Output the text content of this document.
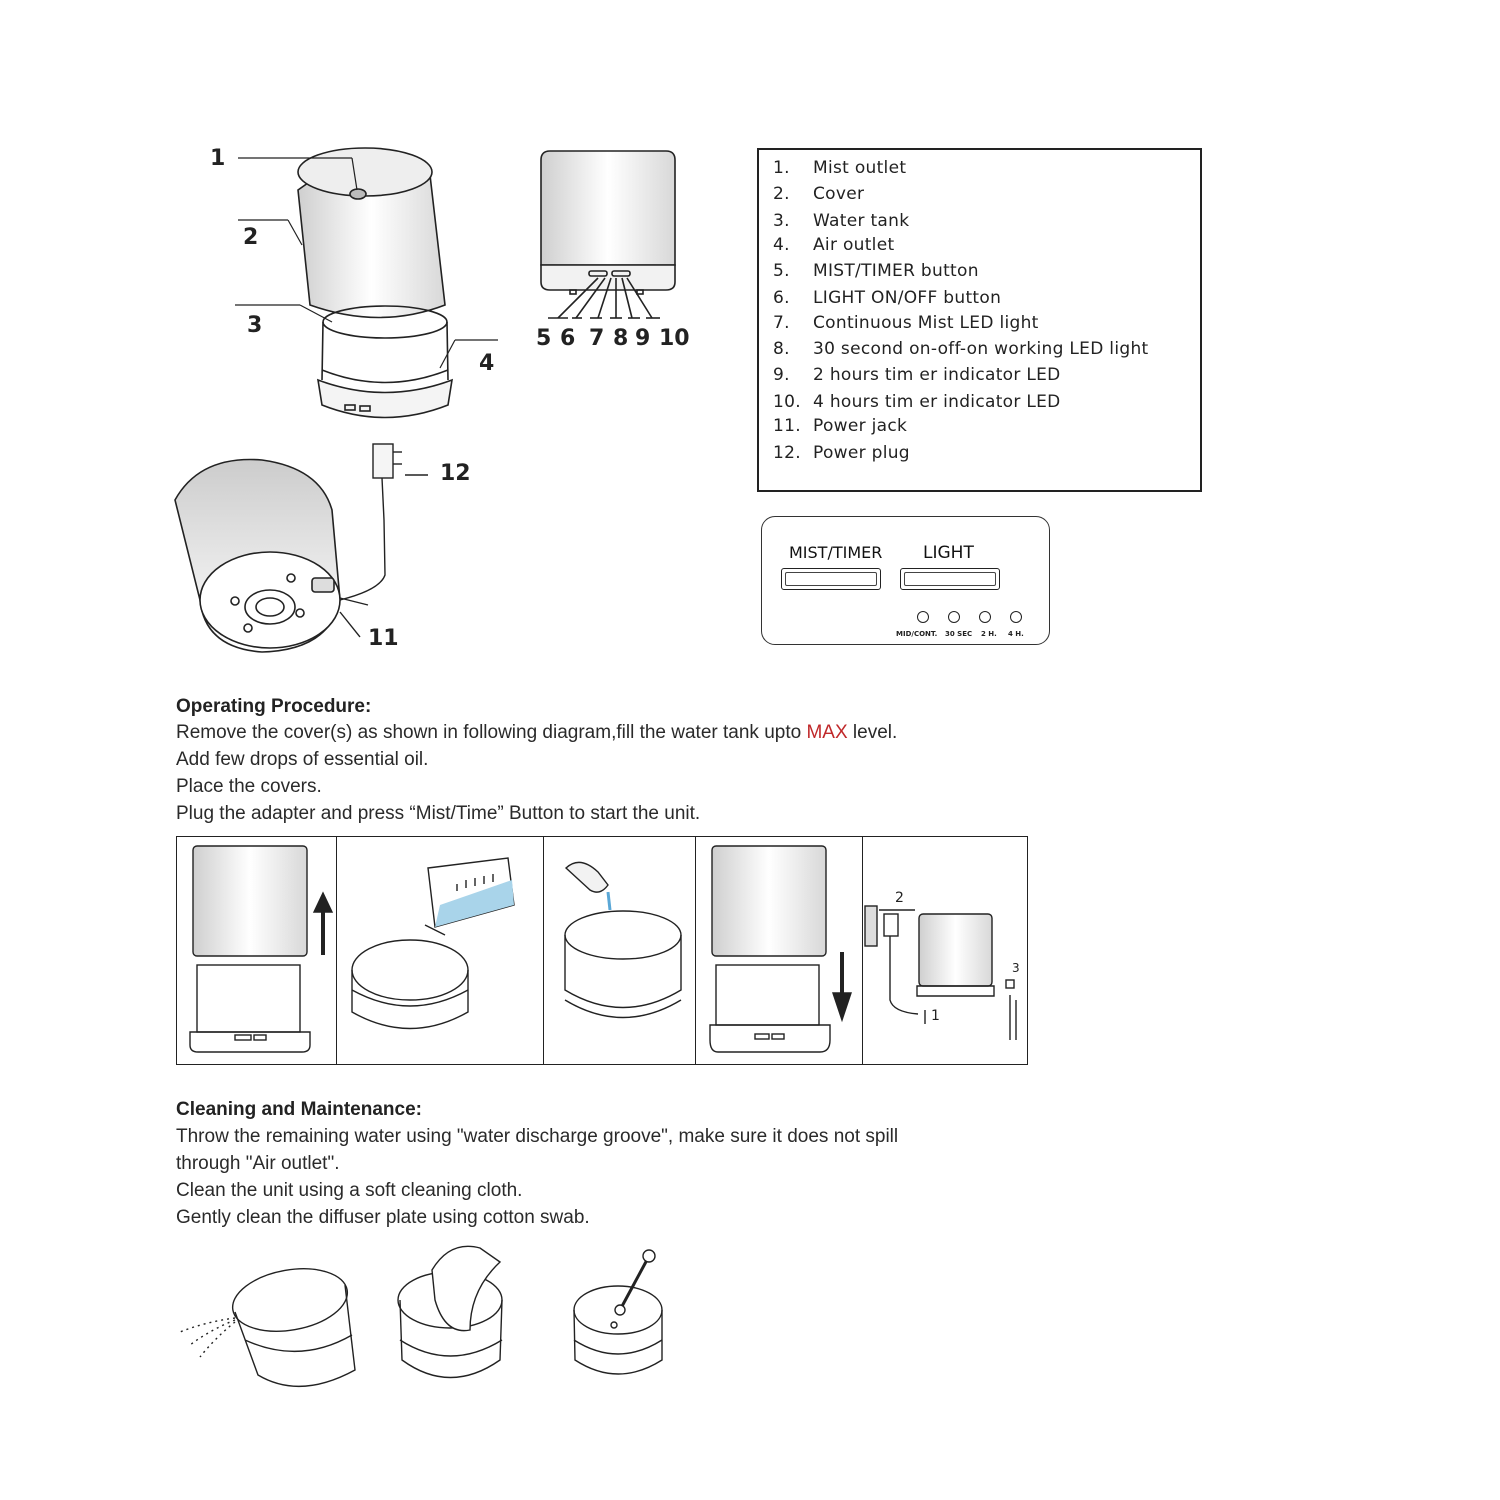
1
2
3
4
12
11
5 6 7 8 9 10
1. Mist outlet
2. Cover
3. Water tank
4. Air outlet
5. MIST/TIMER button
6. LIGHT ON/OFF button
7. Continuous Mist LED light
8. 30 second on-off-on working LED light
9. 2 hours tim er indicator LED
10. 4 hours tim er indicator LED
11. Power jack
12. Power plug
MIST/TIMER LIGHT
MID/CONT. 30 SEC 2 H. 4 H.
Operating Procedure:
Remove the cover(s) as shown in following diagram,fill the water tank upto MAX level.
Add few drops of essential oil.
Place the covers.
Plug the adapter and press “Mist/Time” Button to start the unit.
2
1
3
Cleaning and Maintenance:
Throw the remaining water using "water discharge groove", make sure it does not spill
through "Air outlet".
Clean the unit using a soft cleaning cloth.
Gently clean the diffuser plate using cotton swab.
